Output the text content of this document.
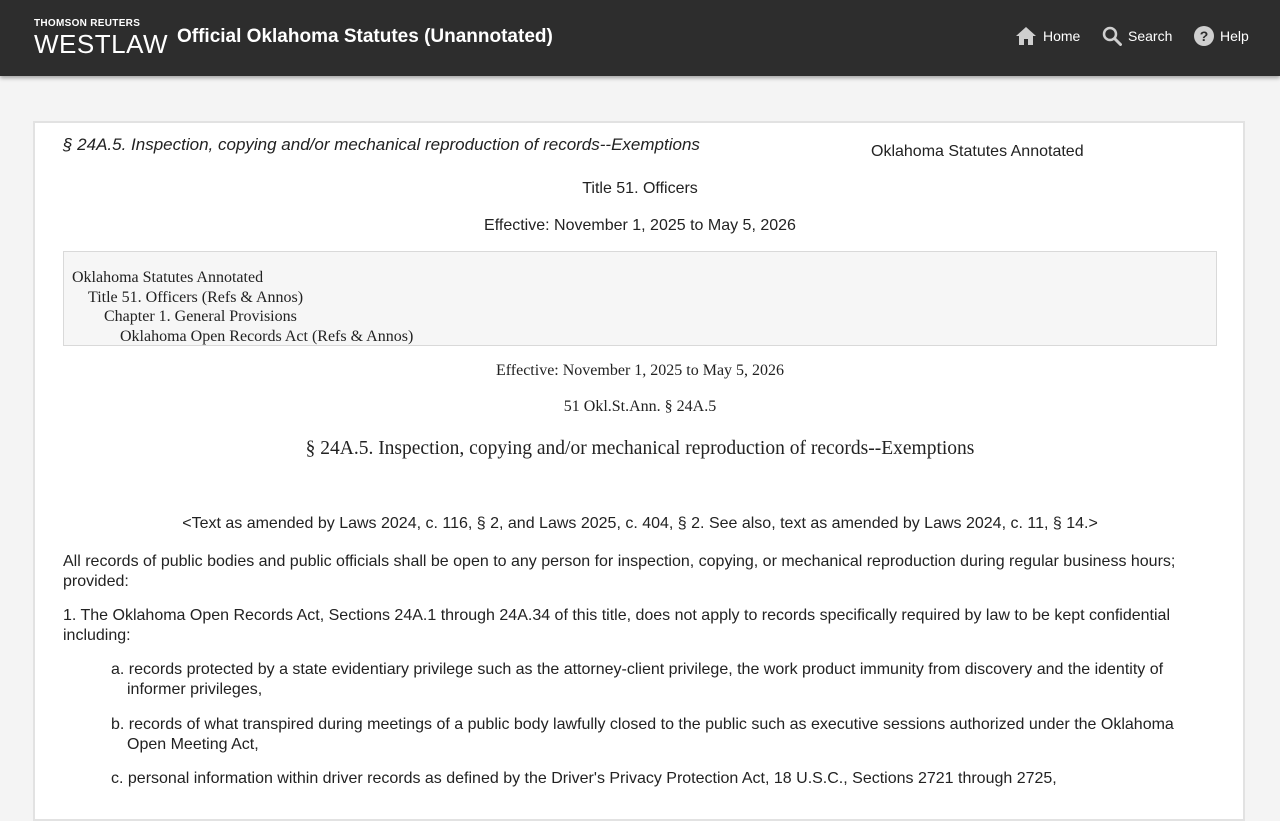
THOMSON REUTERS
WESTLAW Official Oklahoma Statutes (Unannotated)	Home	Search ? Help
§ 24A.5. Inspection, copying and/or mechanical reproduction of records--Exemptions	Oklahoma Statutes Annotated
Title 51. Officers
Effective: November 1, 2025 to May 5, 2026
Oklahoma Statutes Annotated
Title 51. Officers (Refs & Annos)
Chapter 1. General Provisions
Oklahoma Open Records Act (Refs & Annos)
Effective: November 1, 2025 to May 5, 2026
51 Okl.St.Ann. § 24A.5
§ 24A.5. Inspection, copying and/or mechanical reproduction of records--Exemptions
<Text as amended by Laws 2024, c. 116, § 2, and Laws 2025, c. 404, § 2. See also, text as amended by Laws 2024, c. 11, § 14.>
All records of public bodies and public officials shall be open to any person for inspection, copying, or mechanical reproduction during regular business hours; provided:
1. The Oklahoma Open Records Act, Sections 24A.1 through 24A.34 of this title, does not apply to records specifically required by law to be kept confidential including:
a. records protected by a state evidentiary privilege such as the attorney-client privilege, the work product immunity from discovery and the identity of informer privileges,
b. records of what transpired during meetings of a public body lawfully closed to the public such as executive sessions authorized under the Oklahoma Open Meeting Act,
c. personal information within driver records as defined by the Driver's Privacy Protection Act, 18 U.S.C., Sections 2721 through 2725,
